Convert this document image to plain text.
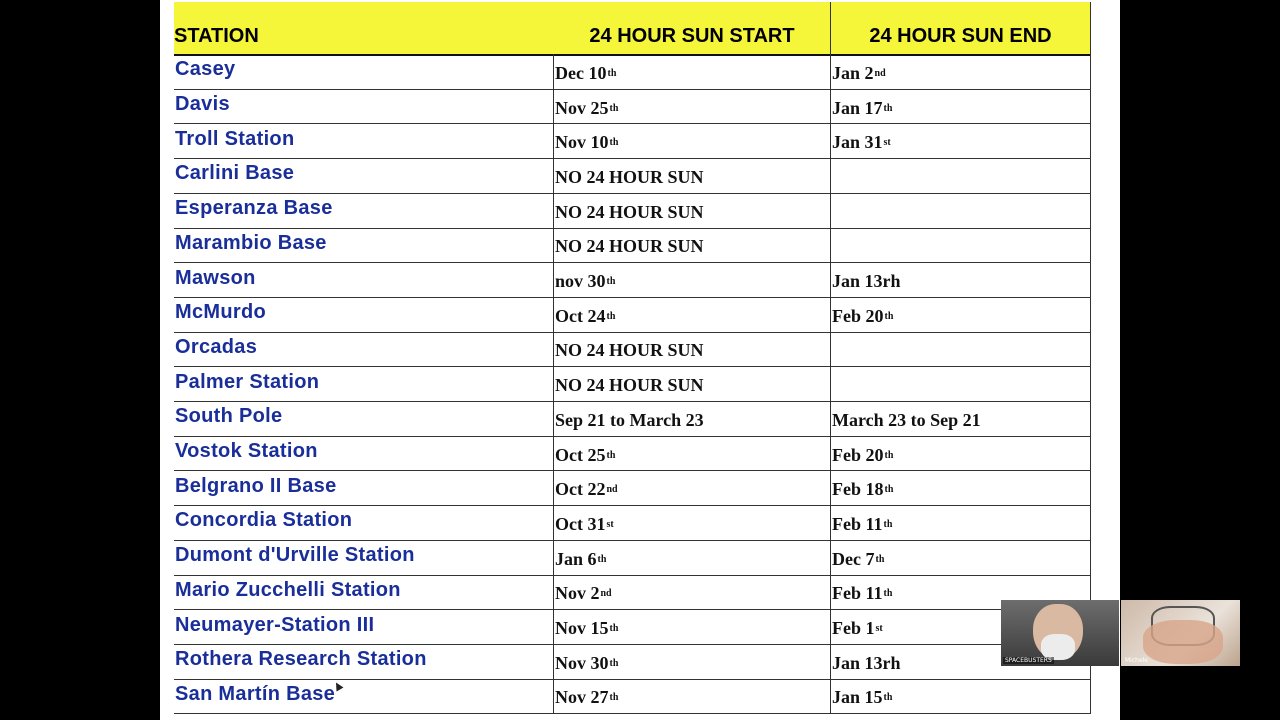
STATION	24 HOUR SUN START	24 HOUR SUN END
Casey	Dec 10 th	Jan 2 nd
Davis	Nov 25 th	Jan 17 th
Troll Station	Nov 10 th	Jan 31 st
Carlini Base	NO 24 HOUR SUN
Esperanza Base	NO 24 HOUR SUN
Marambio Base	NO 24 HOUR SUN
Mawson	nov 30 th	Jan 13rh
McMurdo	Oct 24 th	Feb 20 th
Orcadas	NO 24 HOUR SUN
Palmer Station	NO 24 HOUR SUN
South Pole	Sep 21 to March 23	March 23 to Sep 21
Vostok Station	Oct 25 th	Feb 20 th
Belgrano II Base	Oct 22 nd	Feb 18 th
Concordia Station	Oct 31 st	Feb 11 th
Dumont d'Urville Station	Jan 6 th	Dec 7 th
Mario Zucchelli Station	Nov 2 nd	Feb 11 th
Neumayer-Station III	Nov 15 th	Feb 1 st
Rothera Research Station	Nov 30 th	Jan 13rh
San Martín Base	Nov 27 th	Jan 15 th
SPACEBUSTERS	Michele
